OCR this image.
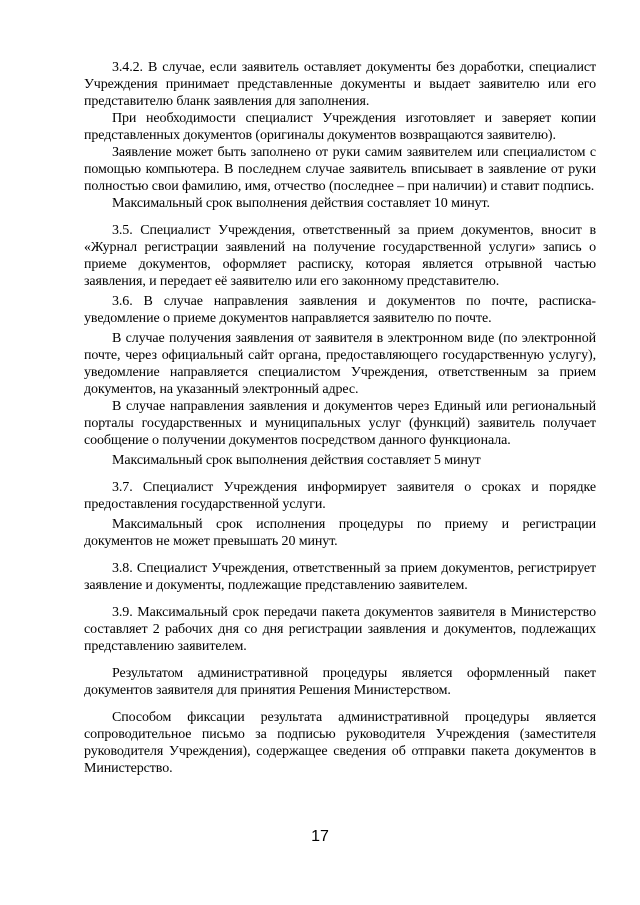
3.4.2. В случае, если заявитель оставляет документы без доработки, специалист Учреждения принимает представленные документы и выдает заявителю или его представителю бланк заявления для заполнения.

При необходимости специалист Учреждения изготовляет и заверяет копии представленных документов (оригиналы документов возвращаются заявителю).

Заявление может быть заполнено от руки самим заявителем или специалистом с помощью компьютера. В последнем случае заявитель вписывает в заявление от руки полностью свои фамилию, имя, отчество (последнее – при наличии) и ставит подпись.

Максимальный срок выполнения действия составляет 10 минут.

3.5. Специалист Учреждения, ответственный за прием документов, вносит в «Журнал регистрации заявлений на получение государственной услуги» запись о приеме документов, оформляет расписку, которая является отрывной частью заявления, и передает её заявителю или его законному представителю.

3.6. В случае направления заявления и документов по почте, расписка-уведомление о приеме документов направляется заявителю по почте.

В случае получения заявления от заявителя в электронном виде (по электронной почте, через официальный сайт органа, предоставляющего государственную услугу), уведомление направляется специалистом Учреждения, ответственным за прием документов, на указанный электронный адрес.

В случае направления заявления и документов через Единый или региональный порталы государственных и муниципальных услуг (функций) заявитель получает сообщение о получении документов посредством данного функционала.

Максимальный срок выполнения действия составляет 5 минут

3.7. Специалист Учреждения информирует заявителя о сроках и порядке предоставления государственной услуги.

Максимальный срок исполнения процедуры по приему и регистрации документов не может превышать 20 минут.

3.8. Специалист Учреждения, ответственный за прием документов, регистрирует заявление и документы, подлежащие представлению заявителем.

3.9. Максимальный срок передачи пакета документов заявителя в Министерство составляет 2 рабочих дня со дня регистрации заявления и документов, подлежащих представлению заявителем.

Результатом административной процедуры является оформленный пакет документов заявителя для принятия Решения Министерством.

Способом фиксации результата административной процедуры является сопроводительное письмо за подписью руководителя Учреждения (заместителя руководителя Учреждения), содержащее сведения об отправки пакета документов в Министерство.

17
